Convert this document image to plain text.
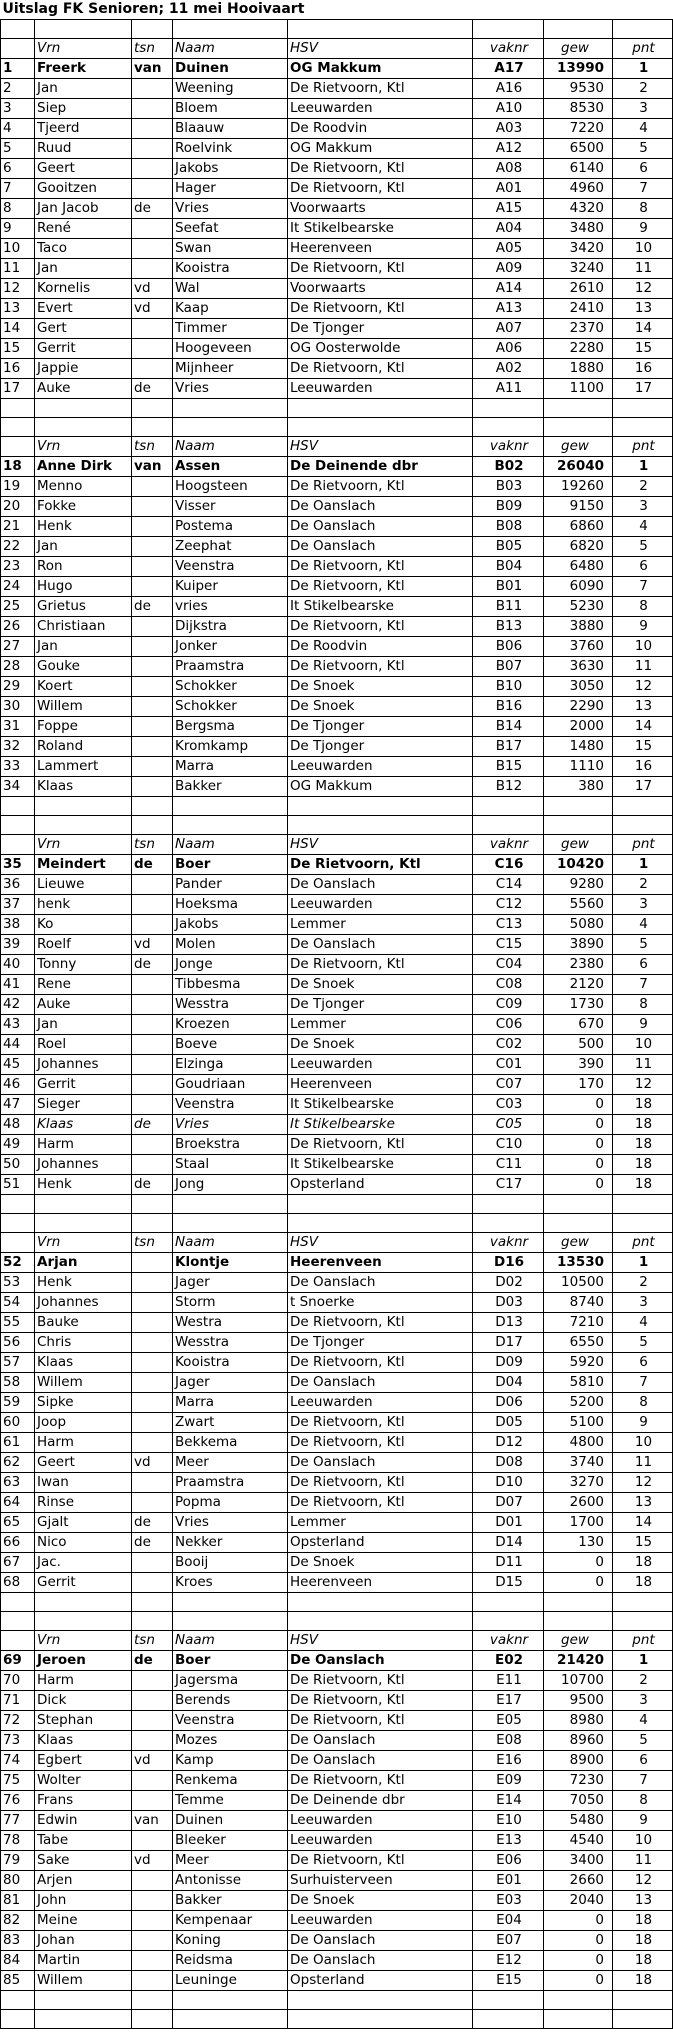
Uitslag FK Senioren; 11 mei Hooivaart							

	Vrn	tsn	Naam	HSV	vaknr	gew	pnt
1	Freerk	van	Duinen	OG Makkum	A17	13990	1
2	Jan		Weening	De Rietvoorn, Ktl	A16	9530	2
3	Siep		Bloem	Leeuwarden	A10	8530	3
4	Tjeerd		Blaauw	De Roodvin	A03	7220	4
5	Ruud		Roelvink	OG Makkum	A12	6500	5
6	Geert		Jakobs	De Rietvoorn, Ktl	A08	6140	6
7	Gooitzen		Hager	De Rietvoorn, Ktl	A01	4960	7
8	Jan Jacob	de	Vries	Voorwaarts	A15	4320	8
9	René		Seefat	It Stikelbearske	A04	3480	9
10	Taco		Swan	Heerenveen	A05	3420	10
11	Jan		Kooistra	De Rietvoorn, Ktl	A09	3240	11
12	Kornelis	vd	Wal	Voorwaarts	A14	2610	12
13	Evert	vd	Kaap	De Rietvoorn, Ktl	A13	2410	13
14	Gert		Timmer	De Tjonger	A07	2370	14
15	Gerrit		Hoogeveen	OG Oosterwolde	A06	2280	15
16	Jappie		Mijnheer	De Rietvoorn, Ktl	A02	1880	16
17	Auke	de	Vries	Leeuwarden	A11	1100	17

	Vrn	tsn	Naam	HSV	vaknr	gew	pnt
18	Anne Dirk	van	Assen	De Deinende dbr	B02	26040	1
19	Menno		Hoogsteen	De Rietvoorn, Ktl	B03	19260	2
20	Fokke		Visser	De Oanslach	B09	9150	3
21	Henk		Postema	De Oanslach	B08	6860	4
22	Jan		Zeephat	De Oanslach	B05	6820	5
23	Ron		Veenstra	De Rietvoorn, Ktl	B04	6480	6
24	Hugo		Kuiper	De Rietvoorn, Ktl	B01	6090	7
25	Grietus	de	vries	It Stikelbearske	B11	5230	8
26	Christiaan		Dijkstra	De Rietvoorn, Ktl	B13	3880	9
27	Jan		Jonker	De Roodvin	B06	3760	10
28	Gouke		Praamstra	De Rietvoorn, Ktl	B07	3630	11
29	Koert		Schokker	De Snoek	B10	3050	12
30	Willem		Schokker	De Snoek	B16	2290	13
31	Foppe		Bergsma	De Tjonger	B14	2000	14
32	Roland		Kromkamp	De Tjonger	B17	1480	15
33	Lammert		Marra	Leeuwarden	B15	1110	16
34	Klaas		Bakker	OG Makkum	B12	380	17

	Vrn	tsn	Naam	HSV	vaknr	gew	pnt
35	Meindert	de	Boer	De Rietvoorn, Ktl	C16	10420	1
36	Lieuwe		Pander	De Oanslach	C14	9280	2
37	henk		Hoeksma	Leeuwarden	C12	5560	3
38	Ko		Jakobs	Lemmer	C13	5080	4
39	Roelf	vd	Molen	De Oanslach	C15	3890	5
40	Tonny	de	Jonge	De Rietvoorn, Ktl	C04	2380	6
41	Rene		Tibbesma	De Snoek	C08	2120	7
42	Auke		Wesstra	De Tjonger	C09	1730	8
43	Jan		Kroezen	Lemmer	C06	670	9
44	Roel		Boeve	De Snoek	C02	500	10
45	Johannes		Elzinga	Leeuwarden	C01	390	11
46	Gerrit		Goudriaan	Heerenveen	C07	170	12
47	Sieger		Veenstra	It Stikelbearske	C03	0	18
48	Klaas	de	Vries	It Stikelbearske	C05	0	18
49	Harm		Broekstra	De Rietvoorn, Ktl	C10	0	18
50	Johannes		Staal	It Stikelbearske	C11	0	18
51	Henk	de	Jong	Opsterland	C17	0	18

	Vrn	tsn	Naam	HSV	vaknr	gew	pnt
52	Arjan		Klontje	Heerenveen	D16	13530	1
53	Henk		Jager	De Oanslach	D02	10500	2
54	Johannes		Storm	t Snoerke	D03	8740	3
55	Bauke		Westra	De Rietvoorn, Ktl	D13	7210	4
56	Chris		Wesstra	De Tjonger	D17	6550	5
57	Klaas		Kooistra	De Rietvoorn, Ktl	D09	5920	6
58	Willem		Jager	De Oanslach	D04	5810	7
59	Sipke		Marra	Leeuwarden	D06	5200	8
60	Joop		Zwart	De Rietvoorn, Ktl	D05	5100	9
61	Harm		Bekkema	De Rietvoorn, Ktl	D12	4800	10
62	Geert	vd	Meer	De Oanslach	D08	3740	11
63	Iwan		Praamstra	De Rietvoorn, Ktl	D10	3270	12
64	Rinse		Popma	De Rietvoorn, Ktl	D07	2600	13
65	Gjalt	de	Vries	Lemmer	D01	1700	14
66	Nico	de	Nekker	Opsterland	D14	130	15
67	Jac.		Booij	De Snoek	D11	0	18
68	Gerrit		Kroes	Heerenveen	D15	0	18

	Vrn	tsn	Naam	HSV	vaknr	gew	pnt
69	Jeroen	de	Boer	De Oanslach	E02	21420	1
70	Harm		Jagersma	De Rietvoorn, Ktl	E11	10700	2
71	Dick		Berends	De Rietvoorn, Ktl	E17	9500	3
72	Stephan		Veenstra	De Rietvoorn, Ktl	E05	8980	4
73	Klaas		Mozes	De Oanslach	E08	8960	5
74	Egbert	vd	Kamp	De Oanslach	E16	8900	6
75	Wolter		Renkema	De Rietvoorn, Ktl	E09	7230	7
76	Frans		Temme	De Deinende dbr	E14	7050	8
77	Edwin	van	Duinen	Leeuwarden	E10	5480	9
78	Tabe		Bleeker	Leeuwarden	E13	4540	10
79	Sake	vd	Meer	De Rietvoorn, Ktl	E06	3400	11
80	Arjen		Antonisse	Surhuisterveen	E01	2660	12
81	John		Bakker	De Snoek	E03	2040	13
82	Meine		Kempenaar	Leeuwarden	E04	0	18
83	Johan		Koning	De Oanslach	E07	0	18
84	Martin		Reidsma	De Oanslach	E12	0	18
85	Willem		Leuninge	Opsterland	E15	0	18
